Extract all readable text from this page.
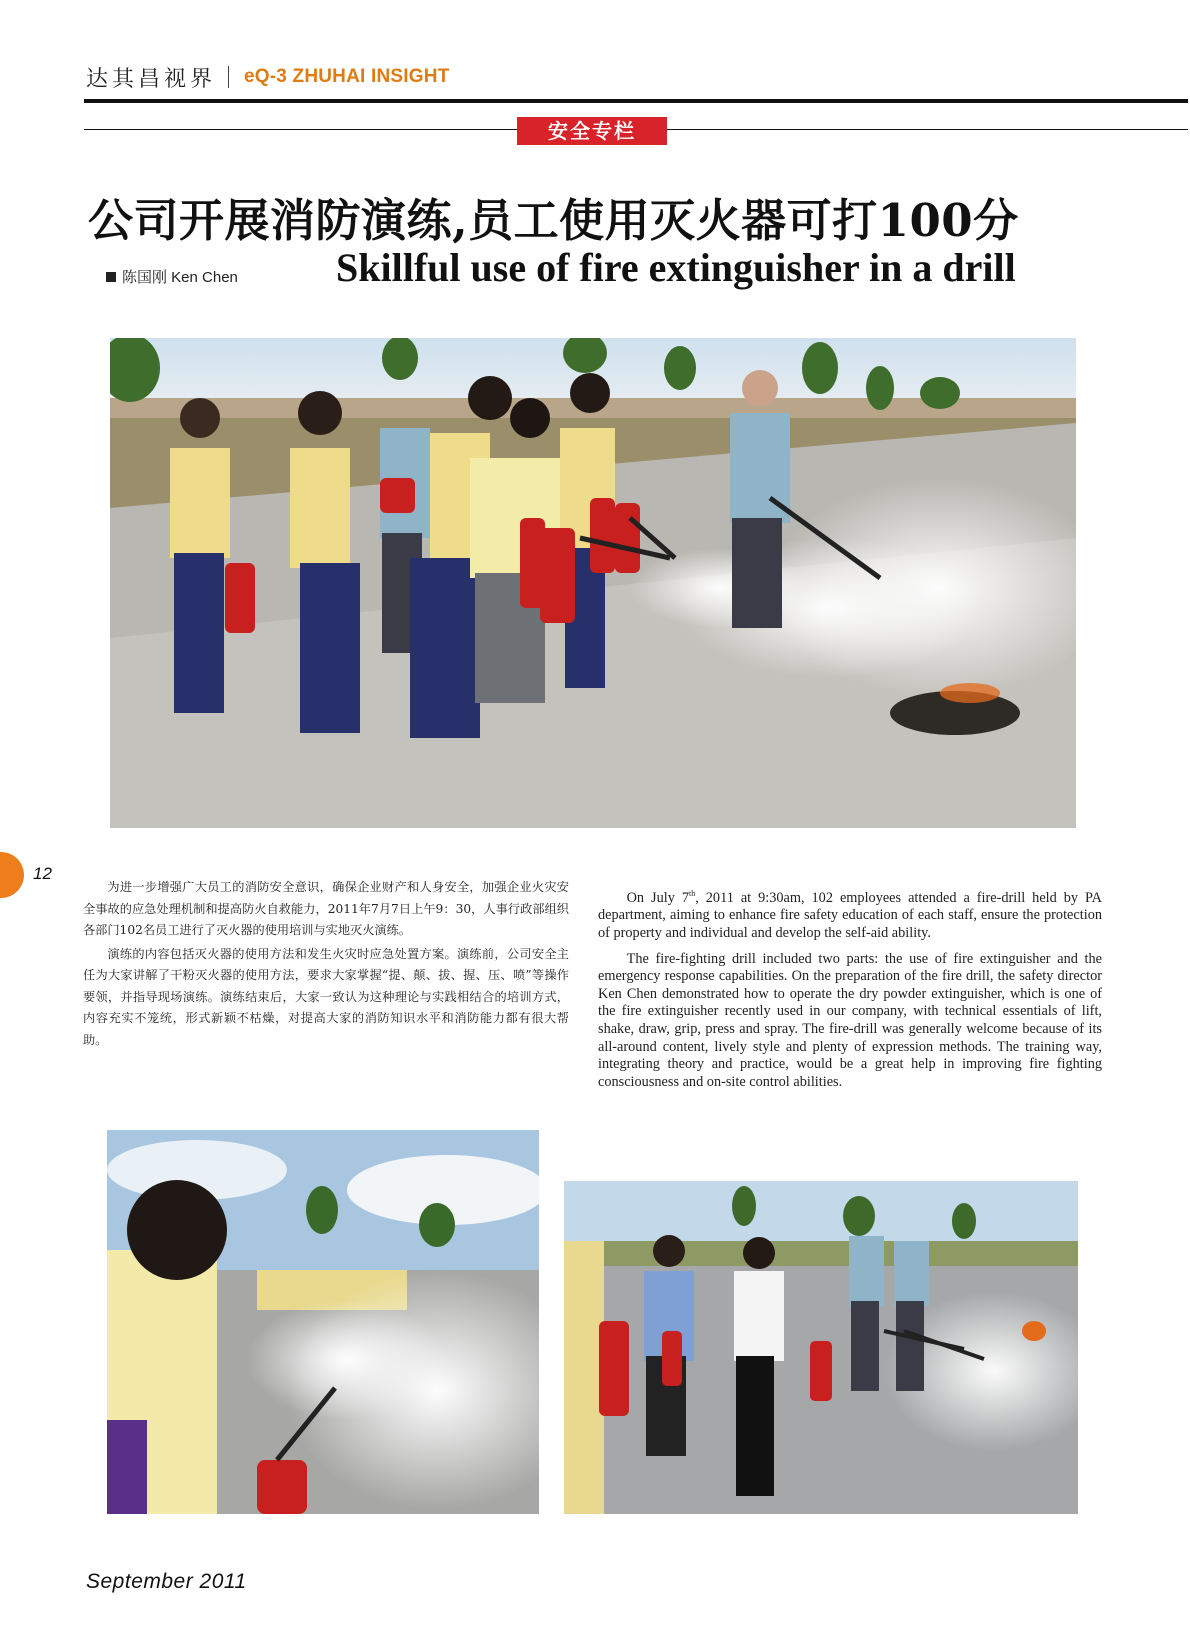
达其昌视界 eQ-3 ZHUHAI INSIGHT
安全专栏
公司开展消防演练,员工使用灭火器可打100分
陈国刚 Ken Chen Skillful use of fire extinguisher in a drill
12

为进一步增强广大员工的消防安全意识，确保企业财产和人身安全，加强企业火灾安全事故的应急处理机制和提高防火自救能力，2011年7月7日上午9：30，人事行政部组织各部门102名员工进行了灭火器的使用培训与实地灭火演练。

演练的内容包括灭火器的使用方法和发生火灾时应急处置方案。演练前，公司安全主任为大家讲解了干粉灭火器的使用方法，要求大家掌握“提、颠、拔、握、压、喷”等操作要领，并指导现场演练。演练结束后，大家一致认为这种理论与实践相结合的培训方式，内容充实不笼统，形式新颖不枯燥，对提高大家的消防知识水平和消防能力都有很大帮助。

On July 7th, 2011 at 9:30am, 102 employees attended a fire-drill held by PA department, aiming to enhance fire safety education of each staff, ensure the protection of property and individual and develop the self-aid ability.

The fire-fighting drill included two parts: the use of fire extinguisher and the emergency response capabilities. On the preparation of the fire drill, the safety director Ken Chen demonstrated how to operate the dry powder extinguisher, which is one of the fire extinguisher recently used in our company, with technical essentials of lift, shake, draw, grip, press and spray. The fire-drill was generally welcome because of its all-around content, lively style and plenty of expression methods. The training way, integrating theory and practice, would be a great help in improving fire fighting consciousness and on-site control abilities.

September 2011
